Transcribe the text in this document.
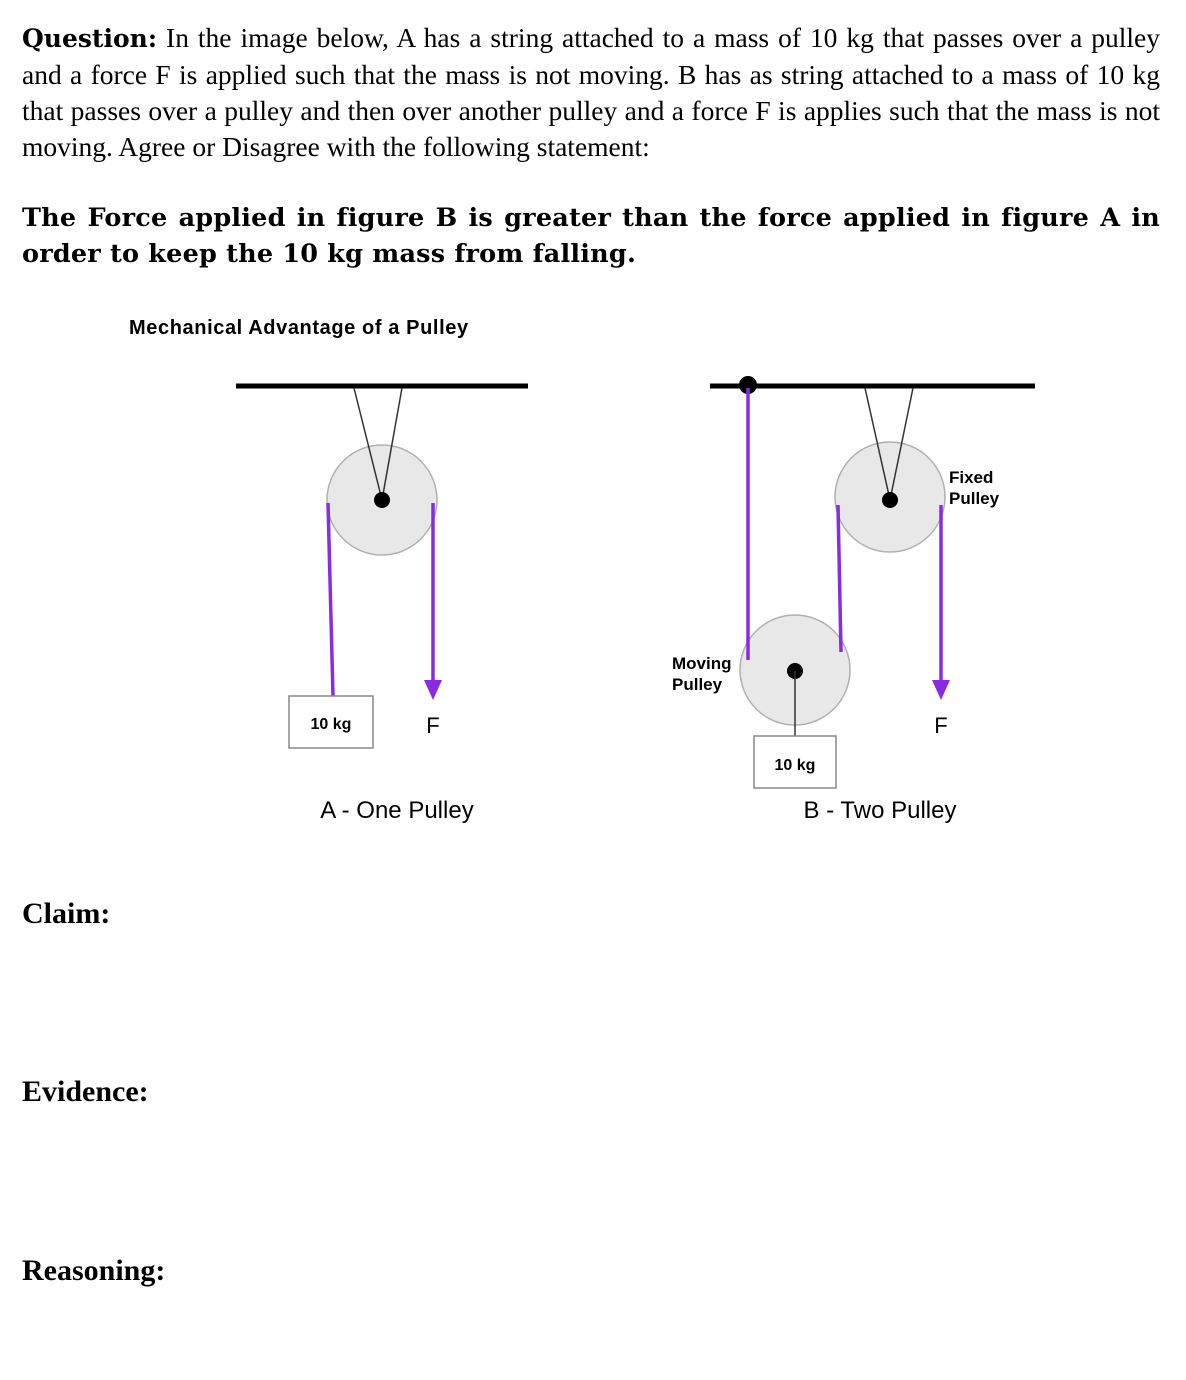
Question: In the image below, A has a string attached to a mass of 10 kg that passes over a pulley and a force F is applied such that the mass is not moving. B has as string attached to a mass of 10 kg that passes over a pulley and then over another pulley and a force F is applies such that the mass is not moving. Agree or Disagree with the following statement:
The Force applied in figure B is greater than the force applied in figure A in order to keep the 10 kg mass from falling.
Mechanical Advantage of a Pulley
10 kg	F
A - One Pulley
10 kg
F
Fixed
Pulley
Moving
Pulley
B - Two Pulley
Claim:
Evidence:
Reasoning:
